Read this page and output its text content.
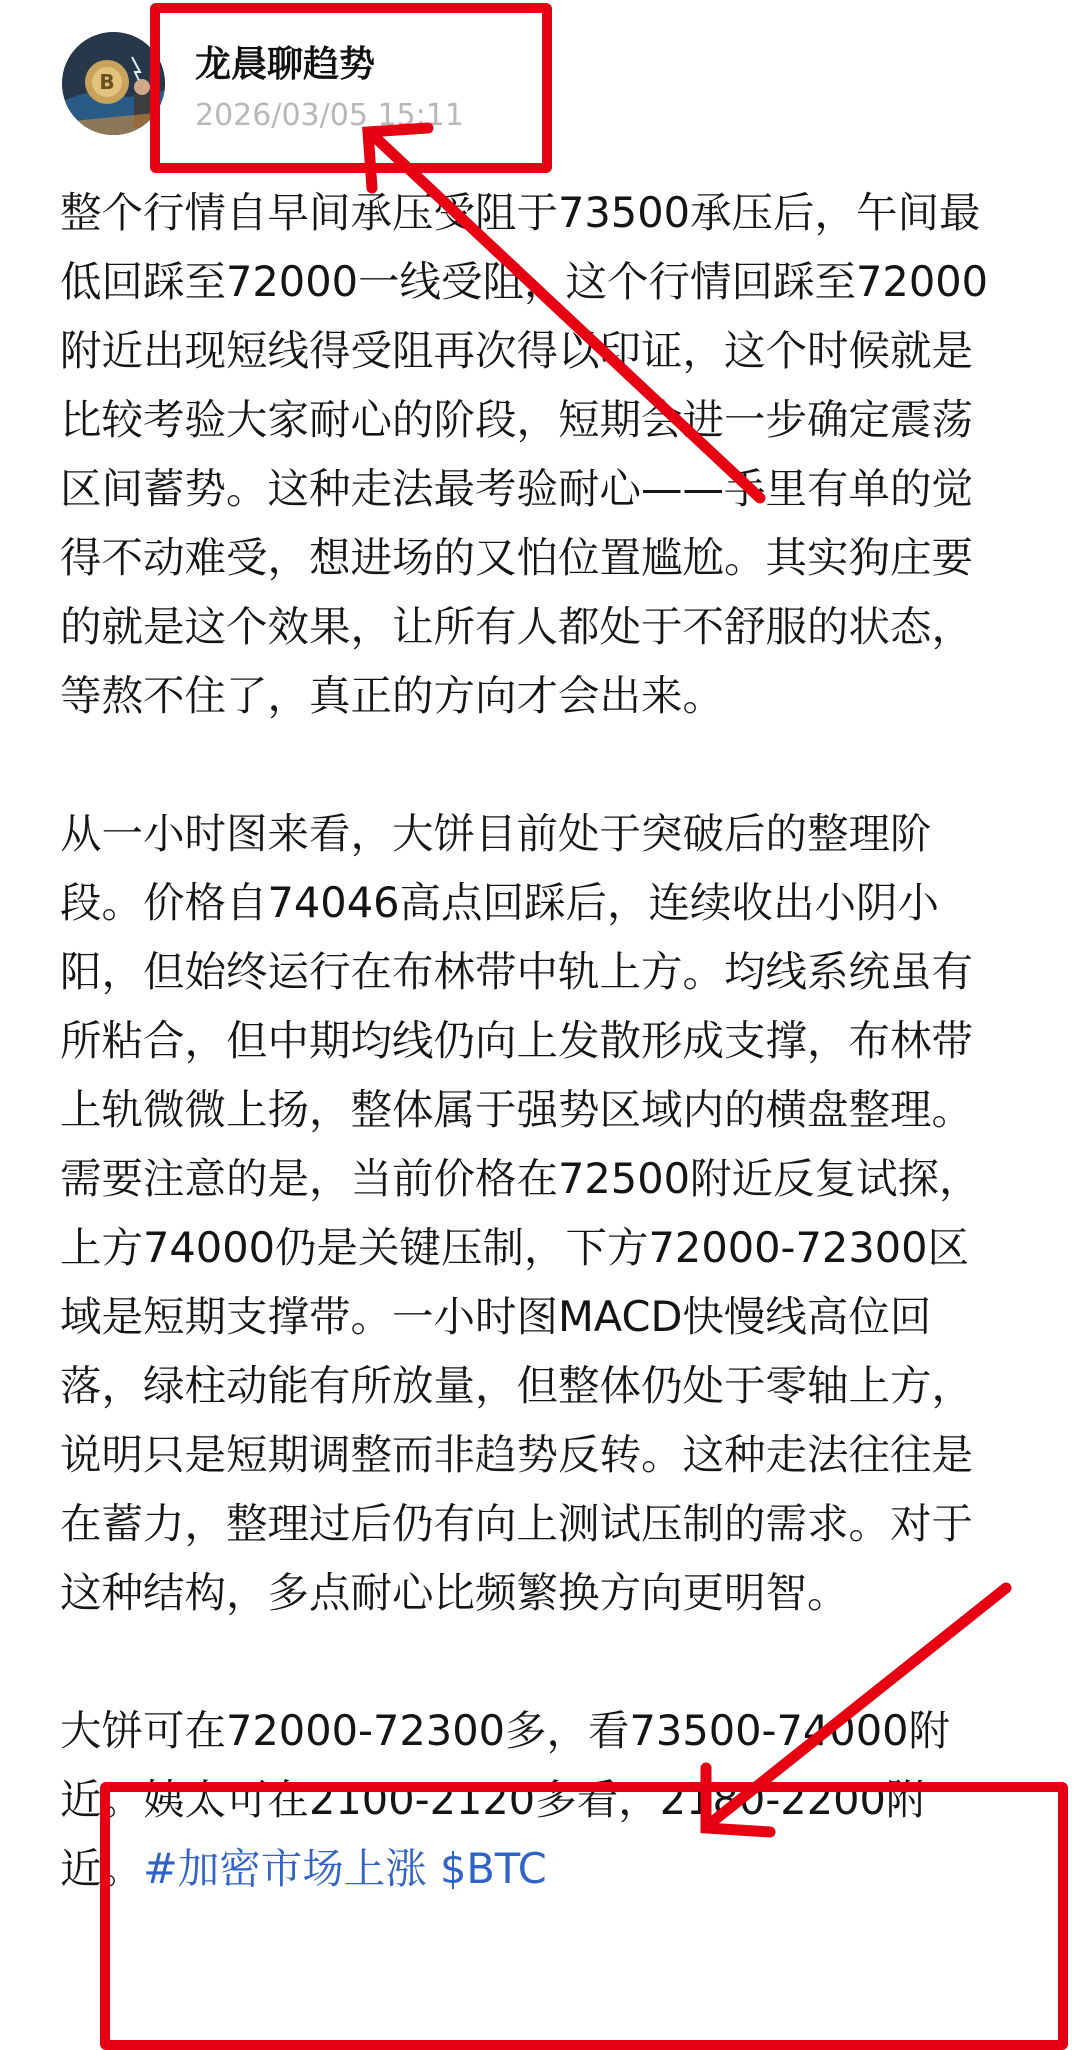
B 龙晨聊趋势
2026/03/05 15:11

整个行情自早间承压受阻于73500承压后，午间最低回踩至72000一线受阻，这个行情回踩至72000附近出现短线得受阻再次得以印证，这个时候就是比较考验大家耐心的阶段，短期会进一步确定震荡区间蓄势。这种走法最考验耐心——手里有单的觉得不动难受，想进场的又怕位置尴尬。其实狗庄要的就是这个效果，让所有人都处于不舒服的状态，等熬不住了，真正的方向才会出来。

从一小时图来看，大饼目前处于突破后的整理阶段。价格自74046高点回踩后，连续收出小阴小阳，但始终运行在布林带中轨上方。均线系统虽有所粘合，但中期均线仍向上发散形成支撑，布林带上轨微微上扬，整体属于强势区域内的横盘整理。需要注意的是，当前价格在72500附近反复试探，上方74000仍是关键压制，下方72000-72300区域是短期支撑带。一小时图MACD快慢线高位回落，绿柱动能有所放量，但整体仍处于零轴上方，说明只是短期调整而非趋势反转。这种走法往往是在蓄力，整理过后仍有向上测试压制的需求。对于这种结构，多点耐心比频繁换方向更明智。

大饼可在72000-72300多，看73500-74000附近。姨太可在2100-2120多看，2180-2200附近。#加密市场上涨 $BTC
